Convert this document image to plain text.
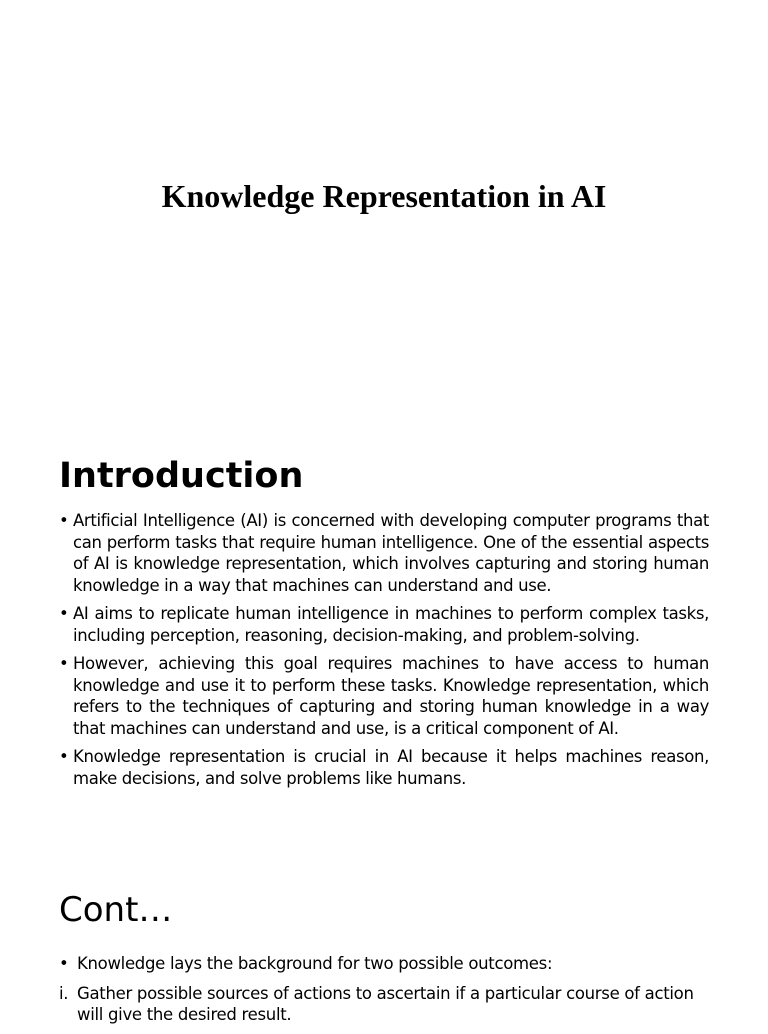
Knowledge Representation in AI
Introduction
• Artificial Intelligence (AI) is concerned with developing computer programs that can perform tasks that require human intelligence. One of the essential aspects of AI is knowledge representation, which involves capturing and storing human knowledge in a way that machines can understand and use.
• AI aims to replicate human intelligence in machines to perform complex tasks, including perception, reasoning, decision-making, and problem-solving.
• However, achieving this goal requires machines to have access to human knowledge and use it to perform these tasks. Knowledge representation, which refers to the techniques of capturing and storing human knowledge in a way that machines can understand and use, is a critical component of AI.
• Knowledge representation is crucial in AI because it helps machines reason, make decisions, and solve problems like humans.
Cont…
• Knowledge lays the background for two possible outcomes:
i. Gather possible sources of actions to ascertain if a particular course of action will give the desired result.
